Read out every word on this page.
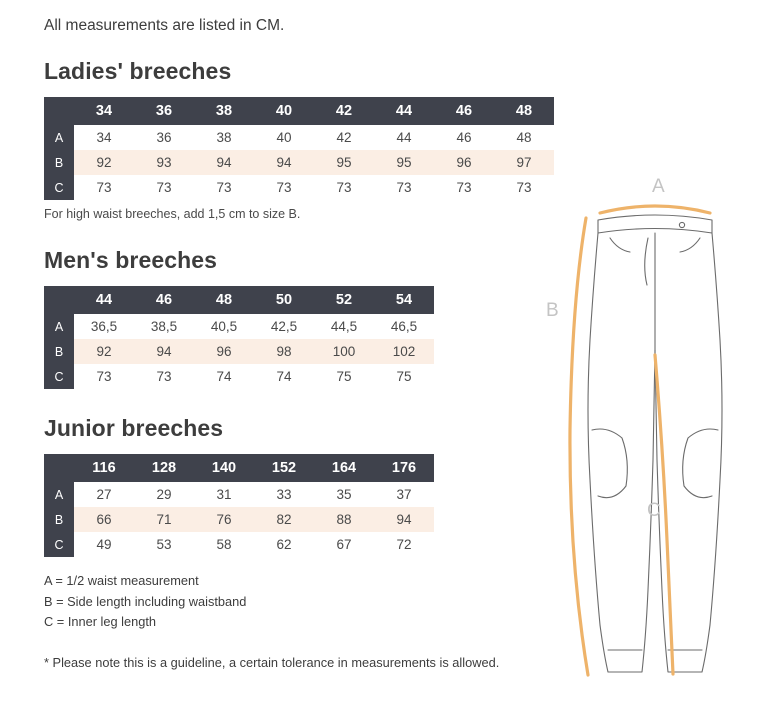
All measurements are listed in CM.
Ladies' breeches
	34	36	38	40	42	44	46	48
A	34	36	38	40	42	44	46	48
B	92	93	94	94	95	95	96	97
C	73	73	73	73	73	73	73	73
For high waist breeches, add 1,5 cm to size B.
Men's breeches
	44	46	48	50	52	54
A	36,5	38,5	40,5	42,5	44,5	46,5
B	92	94	96	98	100	102
C	73	73	74	74	75	75
Junior breeches
	116	128	140	152	164	176
A	27	29	31	33	35	37
B	66	71	76	82	88	94
C	49	53	58	62	67	72
A = 1/2 waist measurement
B = Side length including waistband
C = Inner leg length
* Please note this is a guideline, a certain tolerance in measurements is allowed.
A
B
C
